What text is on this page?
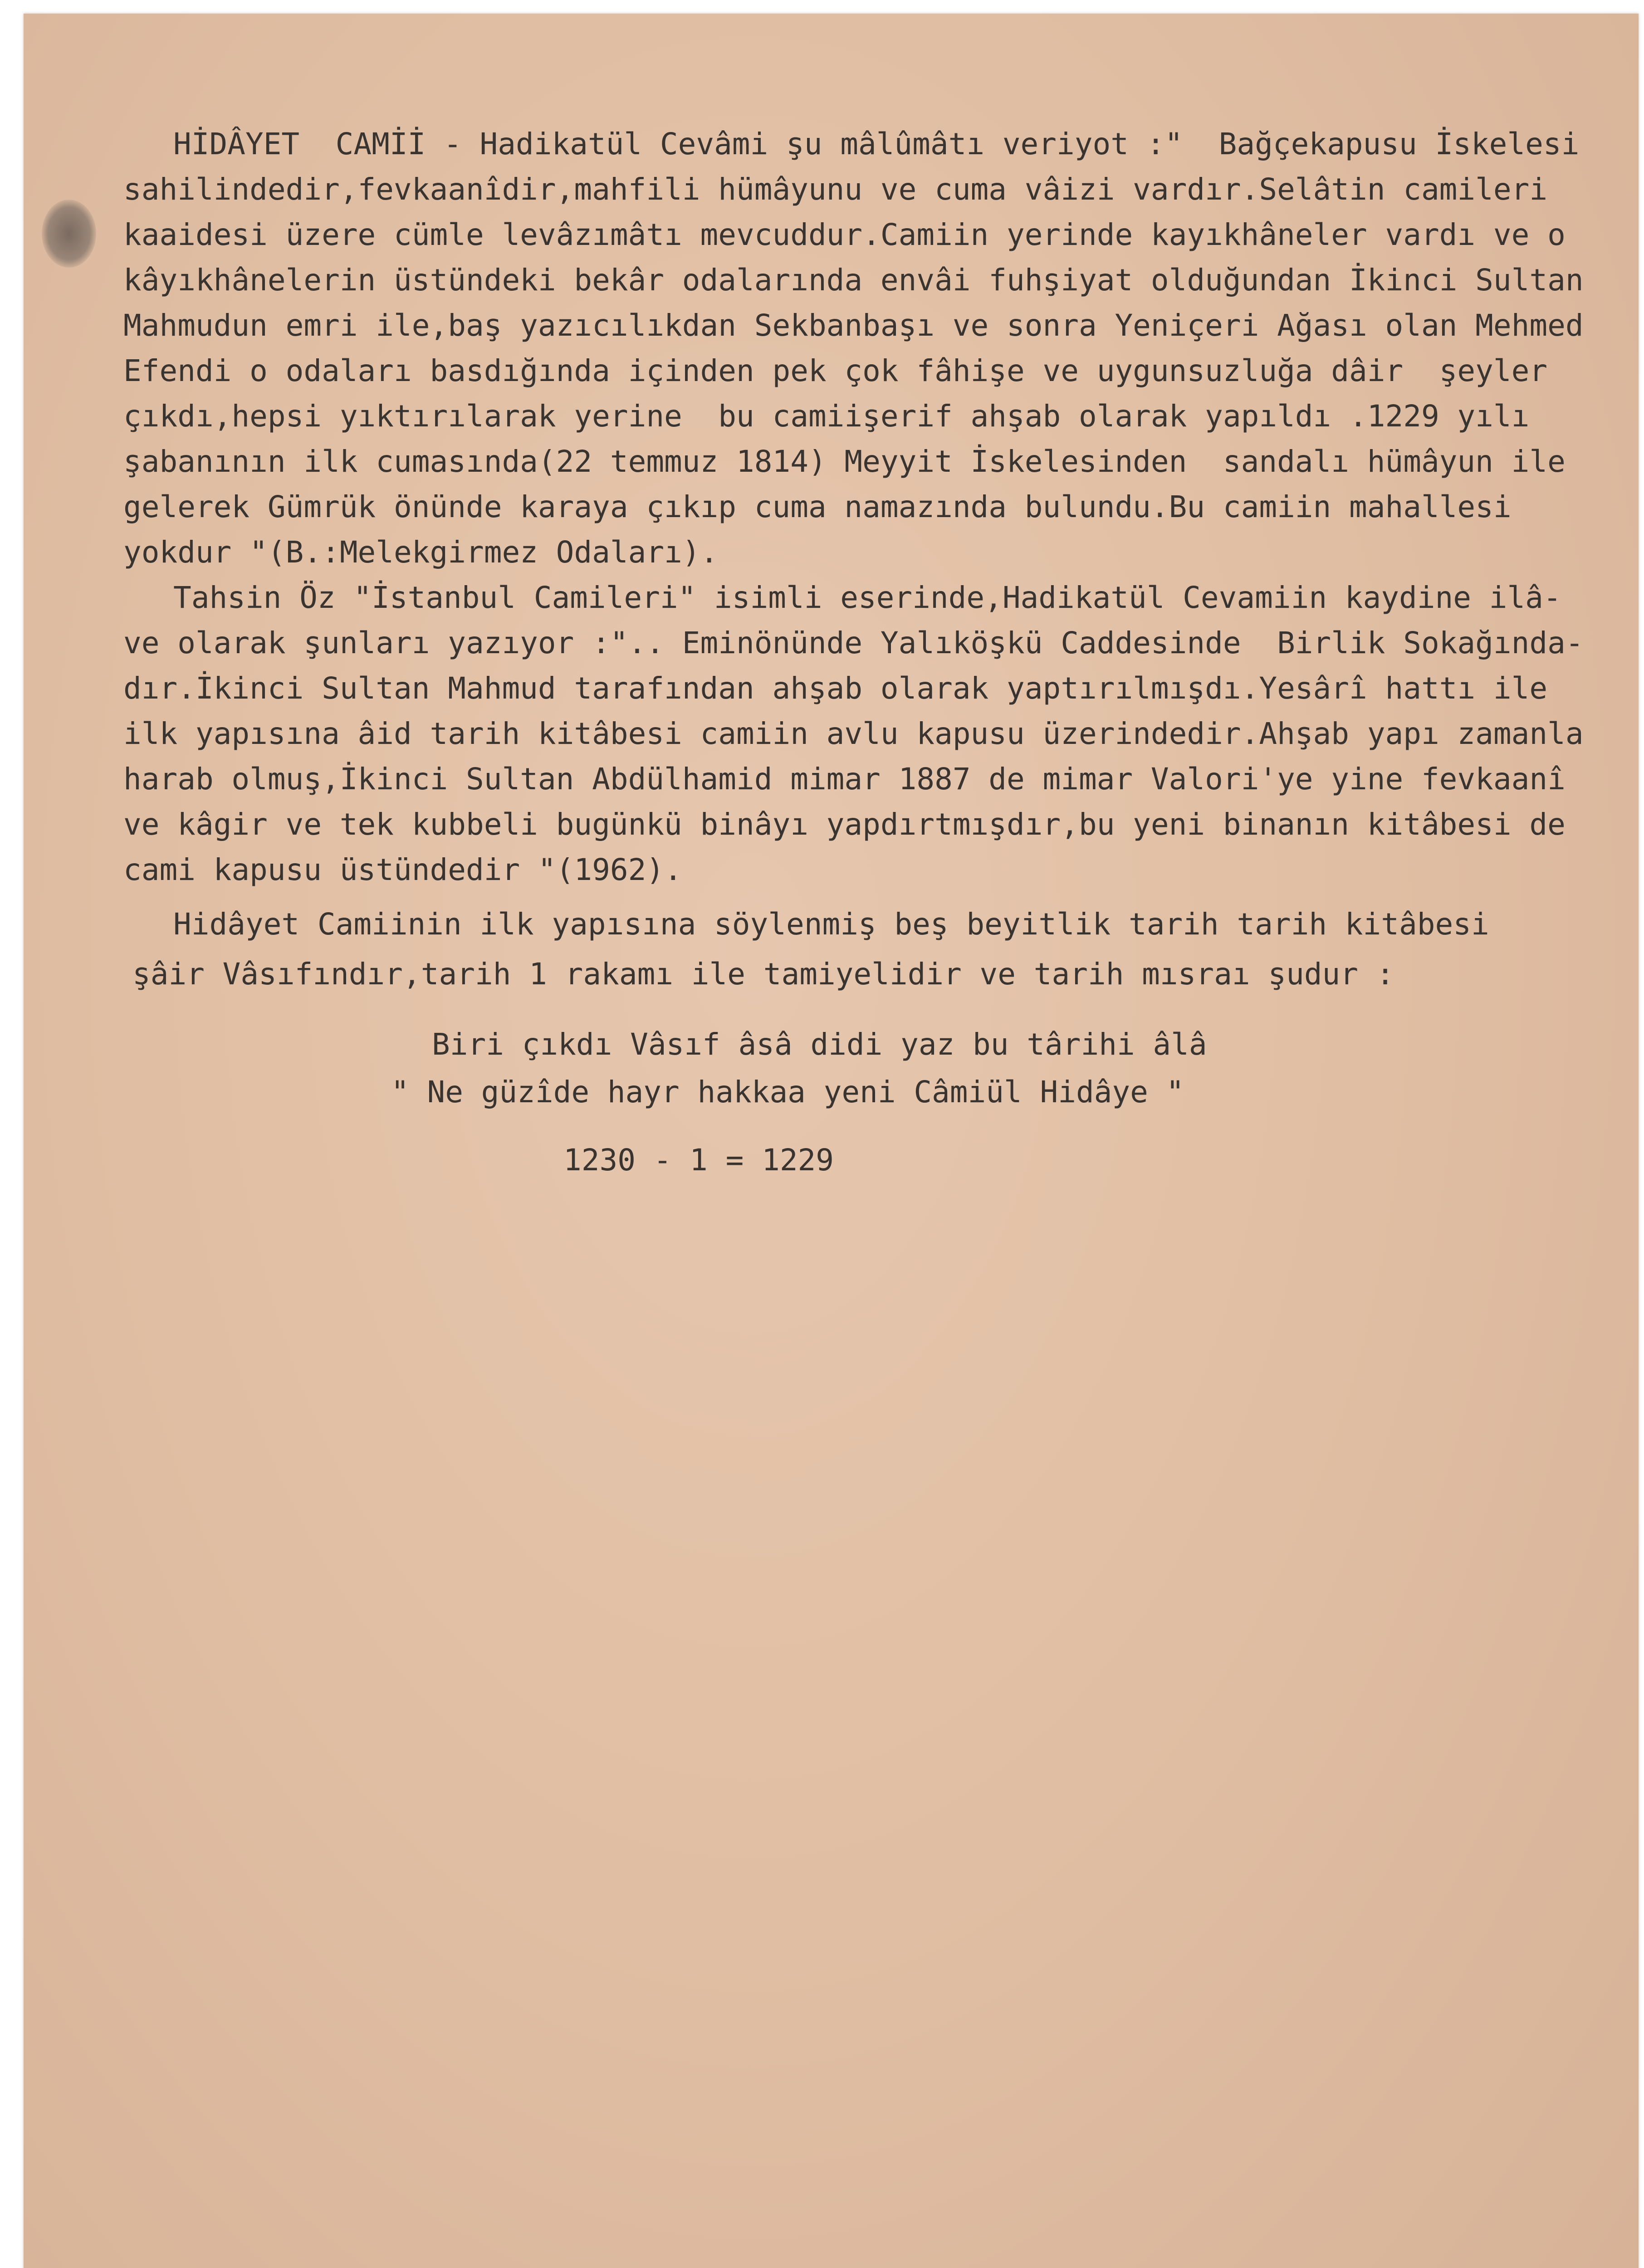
HİDÂYET  CAMİİ - Hadikatül Cevâmi şu mâlûmâtı veriyot :"  Bağçekapusu İskelesi
sahilindedir,fevkaanîdir,mahfili hümâyunu ve cuma vâizi vardır.Selâtin camileri
kaaidesi üzere cümle levâzımâtı mevcuddur.Camiin yerinde kayıkhâneler vardı ve o
kâyıkhânelerin üstündeki bekâr odalarında envâi fuhşiyat olduğundan İkinci Sultan
Mahmudun emri ile,baş yazıcılıkdan Sekbanbaşı ve sonra Yeniçeri Ağası olan Mehmed
Efendi o odaları basdığında içinden pek çok fâhişe ve uygunsuzluğa dâir  şeyler
çıkdı,hepsi yıktırılarak yerine  bu camiişerif ahşab olarak yapıldı .1229 yılı
şabanının ilk cumasında(22 temmuz 1814) Meyyit İskelesinden  sandalı hümâyun ile
gelerek Gümrük önünde karaya çıkıp cuma namazında bulundu.Bu camiin mahallesi
yokdur "(B.:Melekgirmez Odaları).
Tahsin Öz "İstanbul Camileri" isimli eserinde,Hadikatül Cevamiin kaydine ilâ-
ve olarak şunları yazıyor :".. Eminönünde Yalıköşkü Caddesinde  Birlik Sokağında-
dır.İkinci Sultan Mahmud tarafından ahşab olarak yaptırılmışdı.Yesârî hattı ile
ilk yapısına âid tarih kitâbesi camiin avlu kapusu üzerindedir.Ahşab yapı zamanla
harab olmuş,İkinci Sultan Abdülhamid mimar 1887 de mimar Valori'ye yine fevkaanî
ve kâgir ve tek kubbeli bugünkü binâyı yapdırtmışdır,bu yeni binanın kitâbesi de
cami kapusu üstündedir "(1962).
Hidâyet Camiinin ilk yapısına söylenmiş beş beyitlik tarih tarih kitâbesi
şâir Vâsıfındır,tarih 1 rakamı ile tamiyelidir ve tarih mısraı şudur :
Biri çıkdı Vâsıf âsâ didi yaz bu târihi âlâ
" Ne güzîde hayr hakkaa yeni Câmiül Hidâye "
1230 - 1 = 1229
